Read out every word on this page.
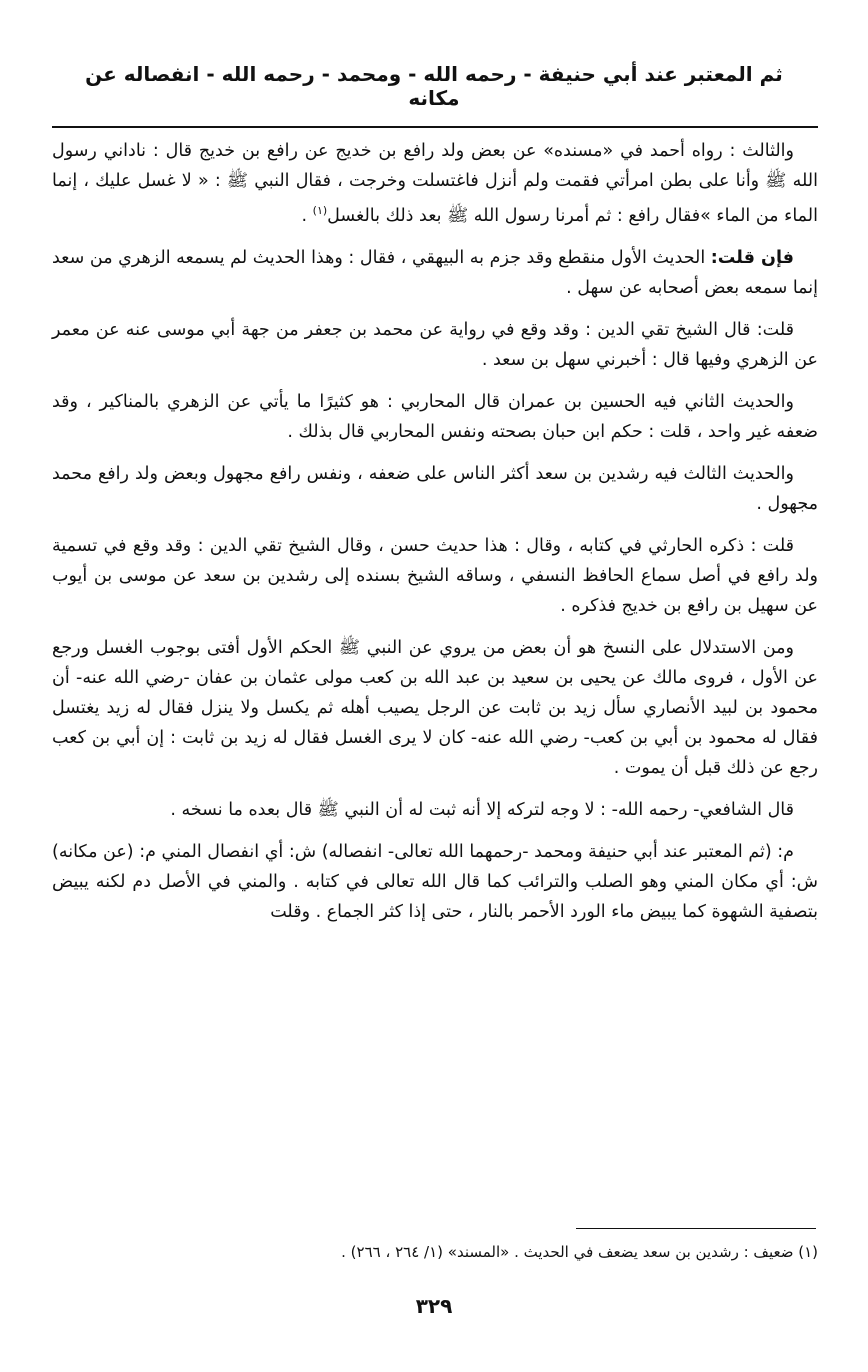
ثم المعتبر عند أبي حنيفة - رحمه الله - ومحمد - رحمه الله - انفصاله عن مكانه

والثالث : رواه أحمد في «مسنده» عن بعض ولد رافع بن خديج عن رافع بن خديج قال : ناداني رسول الله ﷺ وأنا على بطن امرأتي فقمت ولم أنزل فاغتسلت وخرجت ، فقال النبي ﷺ : « لا غسل عليك ، إنما الماء من الماء »فقال رافع : ثم أمرنا رسول الله ﷺ بعد ذلك بالغسل$^{(١)}$ .

فإن قلت: الحديث الأول منقطع وقد جزم به البيهقي ، فقال : وهذا الحديث لم يسمعه الزهري من سعد إنما سمعه بعض أصحابه عن سهل .

قلت: قال الشيخ تقي الدين : وقد وقع في رواية عن محمد بن جعفر من جهة أبي موسى عنه عن معمر عن الزهري وفيها قال : أخبرني سهل بن سعد .

والحديث الثاني فيه الحسين بن عمران قال المحاربي : هو كثيرًا ما يأتي عن الزهري بالمناكير ، وقد ضعفه غير واحد ، قلت : حكم ابن حبان بصحته ونفس المحاربي قال بذلك .

والحديث الثالث فيه رشدين بن سعد أكثر الناس على ضعفه ، ونفس رافع مجهول وبعض ولد رافع محمد مجهول .

قلت : ذكره الحارثي في كتابه ، وقال : هذا حديث حسن ، وقال الشيخ تقي الدين : وقد وقع في تسمية ولد رافع في أصل سماع الحافظ النسفي ، وساقه الشيخ بسنده إلى رشدين بن سعد عن موسى بن أيوب عن سهيل بن رافع بن خديج فذكره .

ومن الاستدلال على النسخ هو أن بعض من يروي عن النبي ﷺ الحكم الأول أفتى بوجوب الغسل ورجع عن الأول ، فروى مالك عن يحيى بن سعيد بن عبد الله بن كعب مولى عثمان بن عفان -رضي الله عنه- أن محمود بن لبيد الأنصاري سأل زيد بن ثابت عن الرجل يصيب أهله ثم يكسل ولا ينزل فقال له زيد يغتسل فقال له محمود بن أبي بن كعب- رضي الله عنه- كان لا يرى الغسل فقال له زيد بن ثابت : إن أبي بن كعب رجع عن ذلك قبل أن يموت .

قال الشافعي- رحمه الله- : لا وجه لتركه إلا أنه ثبت له أن النبي ﷺ قال بعده ما نسخه .

م: (ثم المعتبر عند أبي حنيفة ومحمد -رحمهما الله تعالى- انفصاله) ش: أي انفصال المني م: (عن مكانه) ش: أي مكان المني وهو الصلب والترائب كما قال الله تعالى في كتابه . والمني في الأصل دم لكنه يبيض بتصفية الشهوة كما يبيض ماء الورد الأحمر بالنار ، حتى إذا كثر الجماع . وقلت

(١) ضعيف : رشدين بن سعد يضعف في الحديث . «المسند» (١/ ٢٦٤ ، ٢٦٦) .
٣٢٩
